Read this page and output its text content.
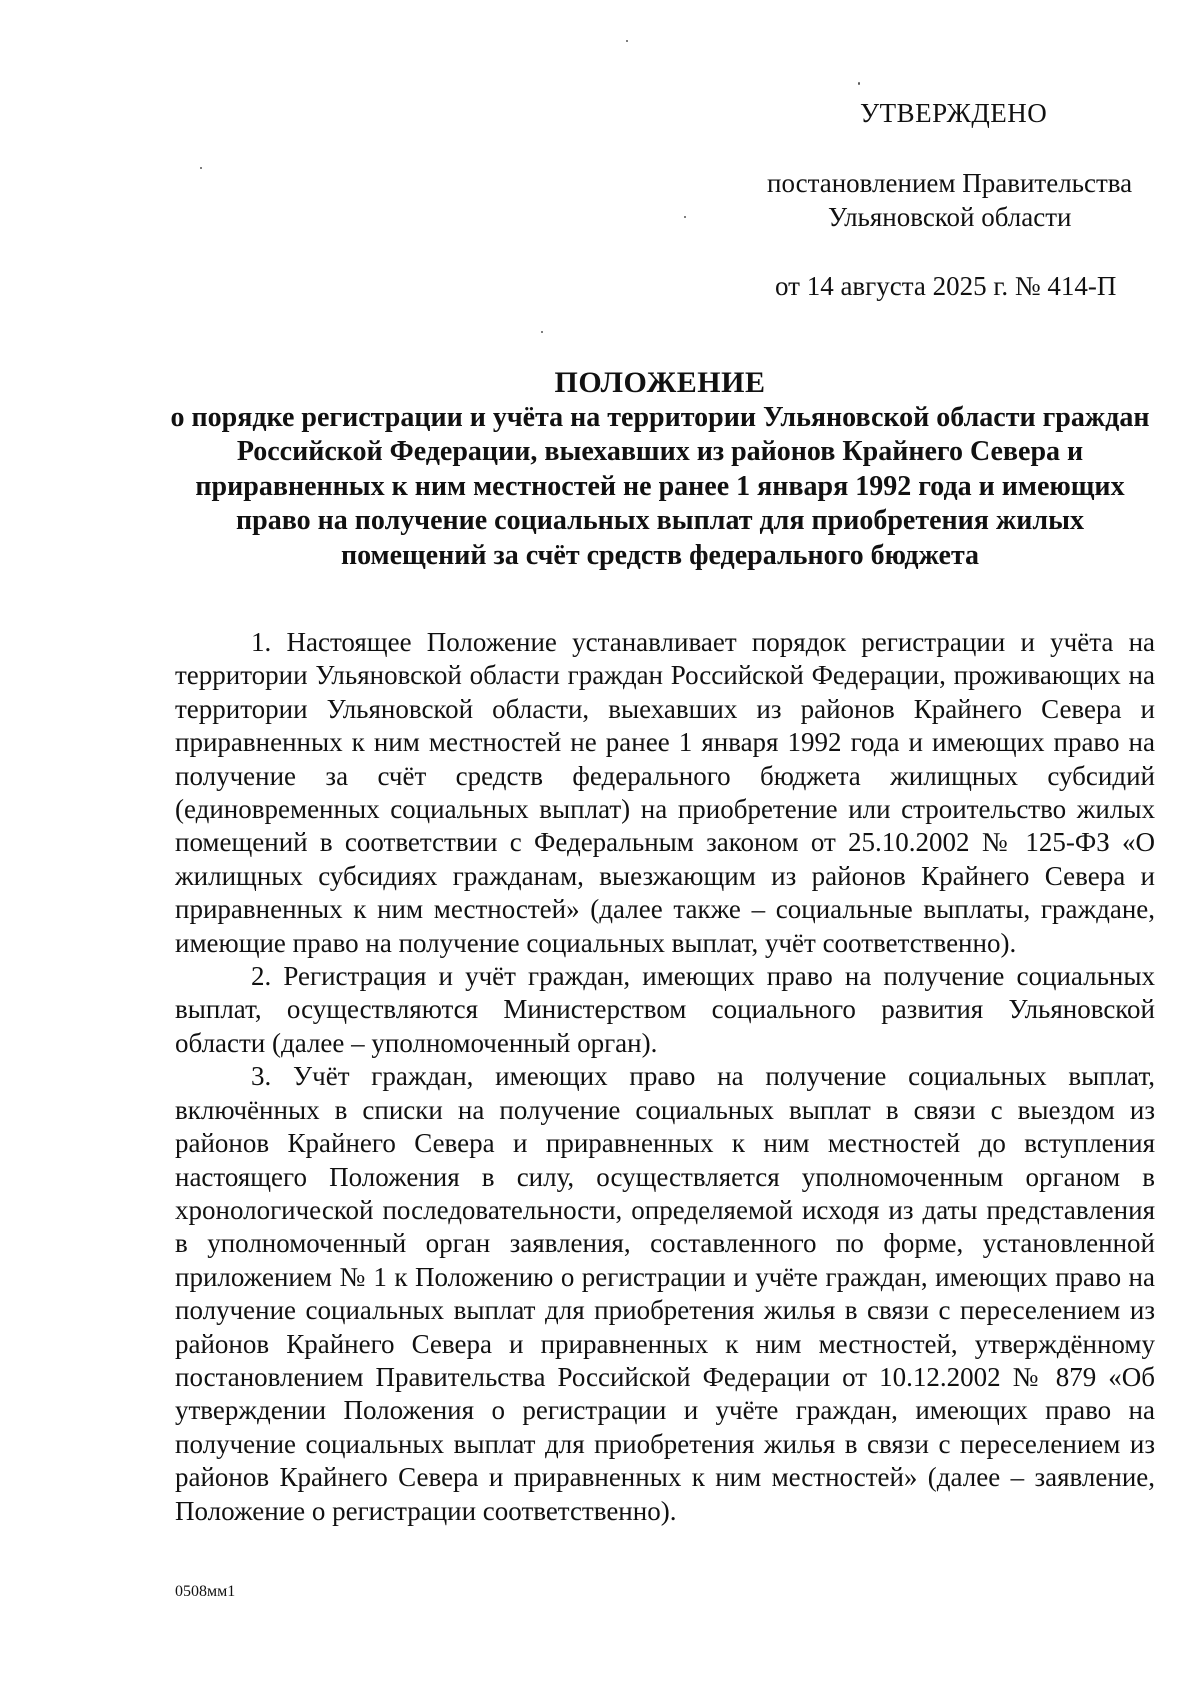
УТВЕРЖДЕНО
постановлением Правительства
Ульяновской области
от 14 августа 2025 г. № 414-П
ПОЛОЖЕНИЕ
о порядке регистрации и учёта на территории Ульяновской области граждан Российской Федерации, выехавших из районов Крайнего Севера и приравненных к ним местностей не ранее 1 января 1992 года и имеющих право на получение социальных выплат для приобретения жилых помещений за счёт средств федерального бюджета

1. Настоящее Положение устанавливает порядок регистрации и учёта на территории Ульяновской области граждан Российской Федерации, проживающих на территории Ульяновской области, выехавших из районов Крайнего Севера и приравненных к ним местностей не ранее 1 января 1992 года и имеющих право на получение за счёт средств федерального бюджета жилищных субсидий (единовременных социальных выплат) на приобретение или строительство жилых помещений в соответствии с Федеральным законом от 25.10.2002 № 125-ФЗ «О жилищных субсидиях гражданам, выезжающим из районов Крайнего Севера и приравненных к ним местностей» (далее также – социальные выплаты, граждане, имеющие право на получение социальных выплат, учёт соответственно).

2. Регистрация и учёт граждан, имеющих право на получение социальных выплат, осуществляются Министерством социального развития Ульяновской области (далее – уполномоченный орган).

3. Учёт граждан, имеющих право на получение социальных выплат, включённых в списки на получение социальных выплат в связи с выездом из районов Крайнего Севера и приравненных к ним местностей до вступления настоящего Положения в силу, осуществляется уполномоченным органом в хронологической последовательности, определяемой исходя из даты представления в уполномоченный орган заявления, составленного по форме, установленной приложением № 1 к Положению о регистрации и учёте граждан, имеющих право на получение социальных выплат для приобретения жилья в связи с переселением из районов Крайнего Севера и приравненных к ним местностей, утверждённому постановлением Правительства Российской Федерации от 10.12.2002 № 879 «Об утверждении Положения о регистрации и учёте граждан, имеющих право на получение социальных выплат для приобретения жилья в связи с переселением из районов Крайнего Севера и приравненных к ним местностей» (далее – заявление, Положение о регистрации соответственно).

0508мм1
